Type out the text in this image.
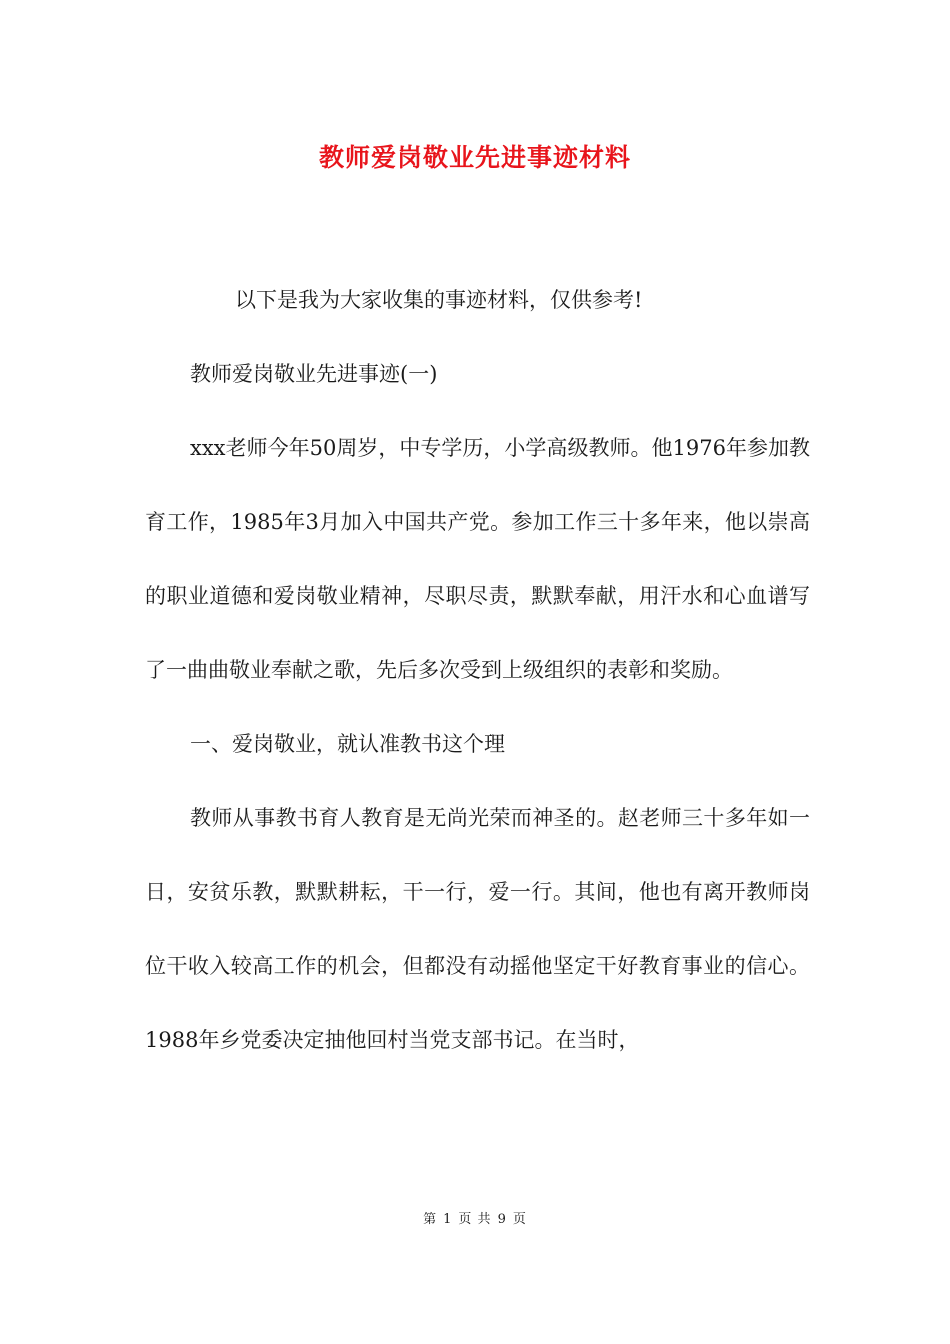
教师爱岗敬业先进事迹材料

以下是我为大家收集的事迹材料，仅供参考!

教师爱岗敬业先进事迹(一)

xxx老师今年50周岁，中专学历，小学高级教师。他1976年参加教育工作，1985年3月加入中国共产党。参加工作三十多年来，他以崇高的职业道德和爱岗敬业精神，尽职尽责，默默奉献，用汗水和心血谱写了一曲曲敬业奉献之歌，先后多次受到上级组织的表彰和奖励。

一、爱岗敬业，就认准教书这个理

教师从事教书育人教育是无尚光荣而神圣的。赵老师三十多年如一日，安贫乐教，默默耕耘，干一行，爱一行。其间，他也有离开教师岗位干收入较高工作的机会，但都没有动摇他坚定干好教育事业的信心。1988年乡党委决定抽他回村当党支部书记。在当时，

第 1 页 共 9 页
